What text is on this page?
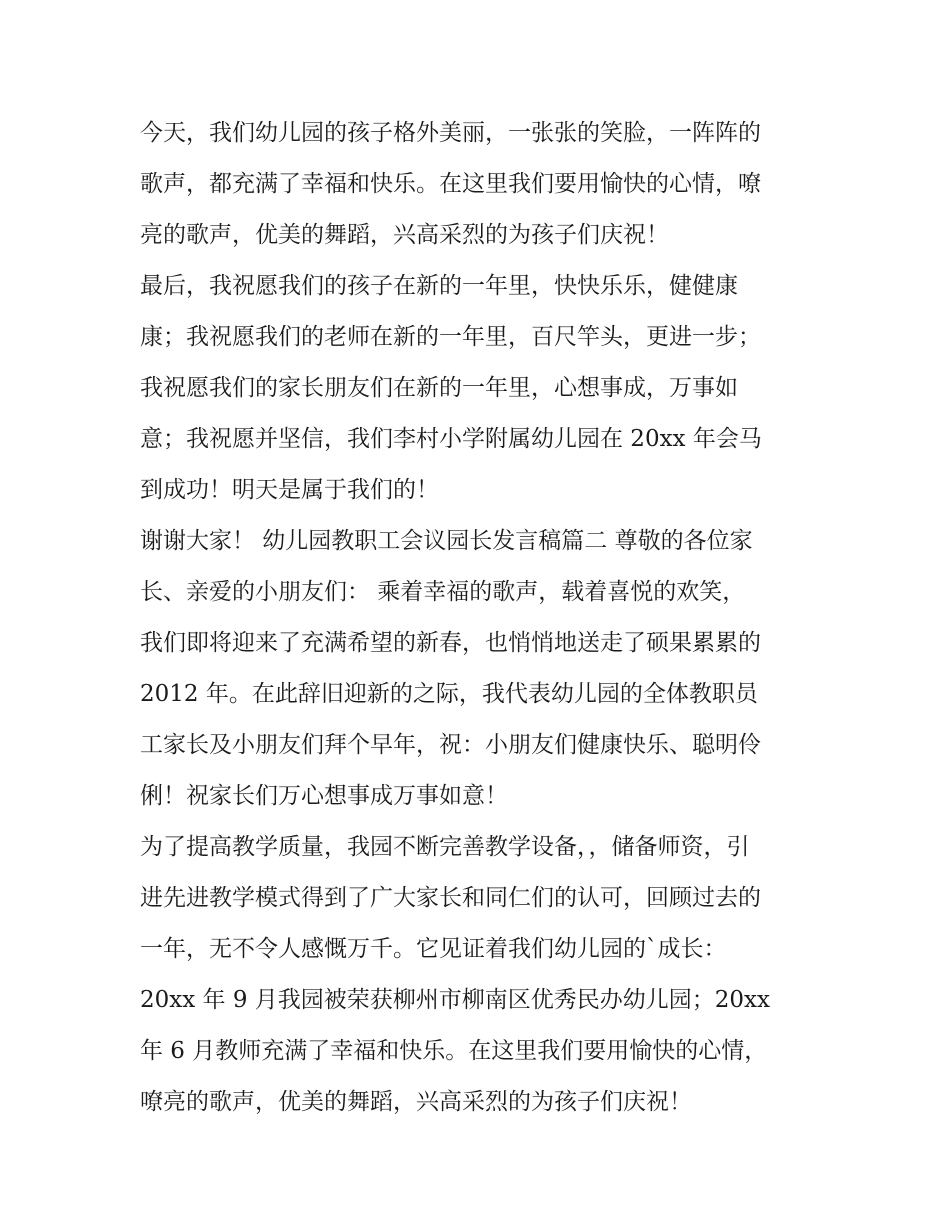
今天，我们幼儿园的孩子格外美丽，一张张的笑脸，一阵阵的
歌声，都充满了幸福和快乐。在这里我们要用愉快的心情，嘹
亮的歌声，优美的舞蹈，兴高采烈的为孩子们庆祝！
最后，我祝愿我们的孩子在新的一年里，快快乐乐，健健康
康；我祝愿我们的老师在新的一年里，百尺竿头，更进一步；
我祝愿我们的家长朋友们在新的一年里，心想事成，万事如
意；我祝愿并坚信，我们李村小学附属幼儿园在 20xx 年会马
到成功！明天是属于我们的！
谢谢大家！ 幼儿园教职工会议园长发言稿篇二 尊敬的各位家
长、亲爱的小朋友们： 乘着幸福的歌声，载着喜悦的欢笑，
我们即将迎来了充满希望的新春，也悄悄地送走了硕果累累的
2012 年。在此辞旧迎新的之际，我代表幼儿园的全体教职员
工家长及小朋友们拜个早年，祝：小朋友们健康快乐、聪明伶
俐！祝家长们万心想事成万事如意！
为了提高教学质量，我园不断完善教学设备，，储备师资，引
进先进教学模式得到了广大家长和同仁们的认可，回顾过去的
一年，无不令人感慨万千。它见证着我们幼儿园的`成长：
20xx 年 9 月我园被荣获柳州市柳南区优秀民办幼儿园；20xx
年 6 月教师充满了幸福和快乐。在这里我们要用愉快的心情，
嘹亮的歌声，优美的舞蹈，兴高采烈的为孩子们庆祝！
